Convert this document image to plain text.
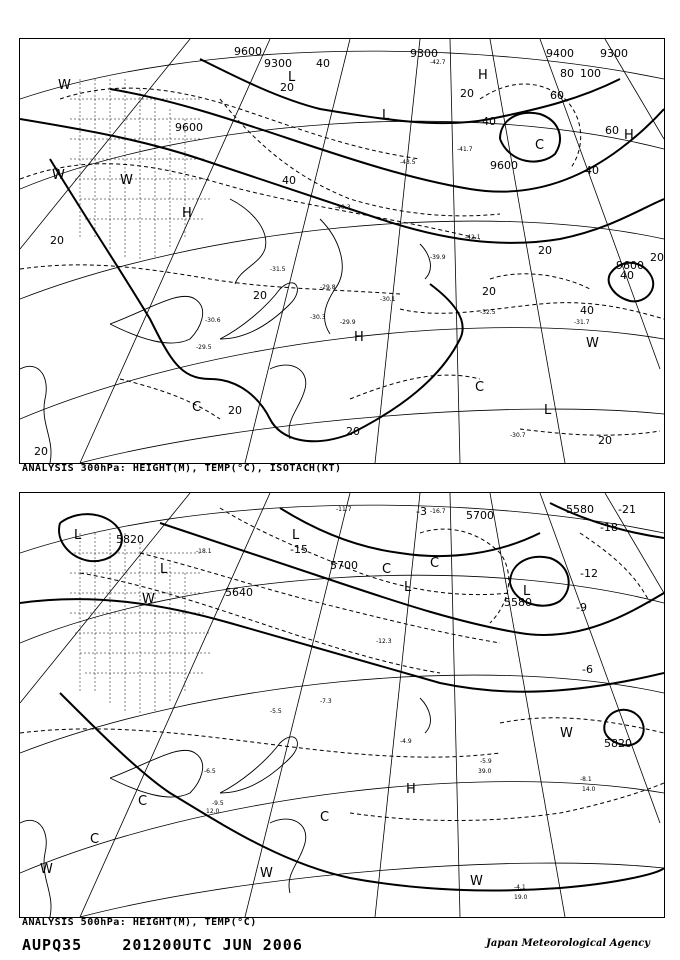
9600
9300
9400
9600
9300	9300
9600
9600
20
40
60
80 100
20
40
40
40
20
20
20
20
20
20
40
60
40
20
20
20
H
L
H
C
C
L
C
H
W
W
W
H
W
L
-42.7
-41.7
-30.1
-32.5
-30.3
-29.9	-31.7
-30.7
-43.5
-42.1
-39.9
-30.6
-31.5
-29.8
-29.5
-40.3
ANALYSIS 300hPa: HEIGHT(M), TEMP(°C), ISOTACH(KT)
5820
5700
5580
5700
5640
5580
5820
-15
-18
-21
-12
-9
-6
-3
L	L
C	C
L	L
H
C
W
W
W
C
W
L
C
W
-16.7
-11.7
-12.3
-18.1
-5.9
-4.1
-6.5
-4.9
-7.3
-8.1
-9.5
-5.5
12.0
14.0
39.0
19.0
ANALYSIS 500hPa: HEIGHT(M), TEMP(°C)
AUPQ35	201200UTC JUN 2006	Japan Meteorological Agency
